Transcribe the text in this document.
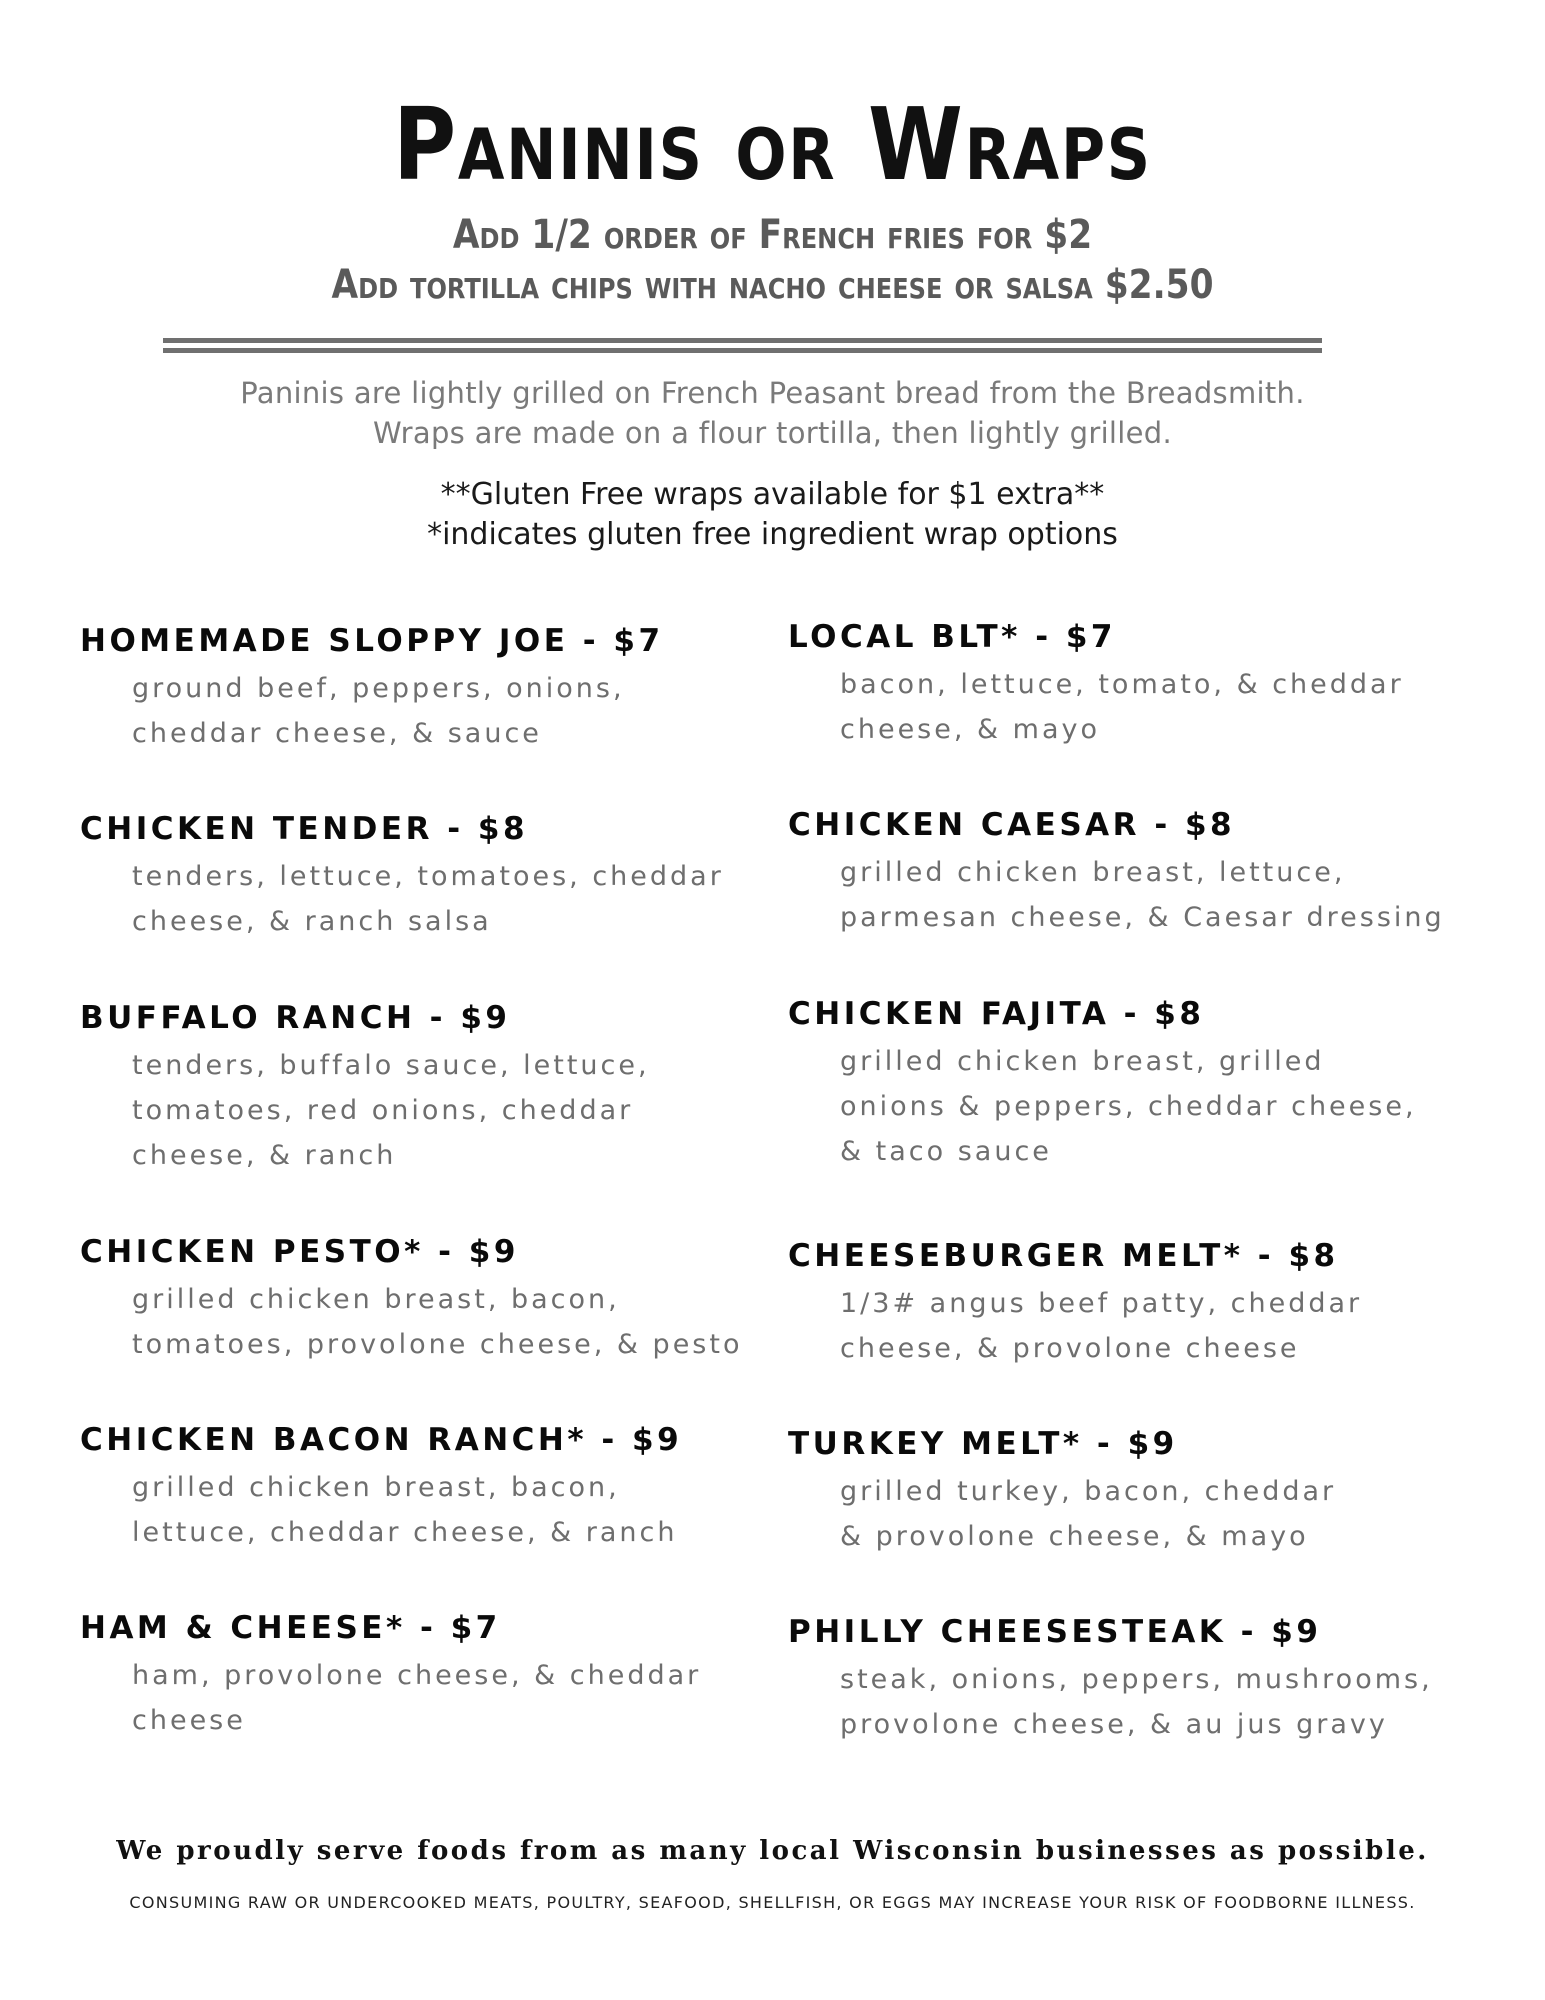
Paninis or Wraps
Add 1/2 order of French fries for $2
Add tortilla chips with nacho cheese or salsa $2.50
Paninis are lightly grilled on French Peasant bread from the Breadsmith.
Wraps are made on a flour tortilla, then lightly grilled.
**Gluten Free wraps available for $1 extra**
*indicates gluten free ingredient wrap options
HOMEMADE SLOPPY JOE - $7
ground beef, peppers, onions,
cheddar cheese, & sauce
CHICKEN TENDER - $8
tenders, lettuce, tomatoes, cheddar
cheese, & ranch salsa
BUFFALO RANCH - $9
tenders, buffalo sauce, lettuce,
tomatoes, red onions, cheddar
cheese, & ranch
CHICKEN PESTO* - $9
grilled chicken breast, bacon,
tomatoes, provolone cheese, & pesto
CHICKEN BACON RANCH* - $9
grilled chicken breast, bacon,
lettuce, cheddar cheese, & ranch
HAM & CHEESE* - $7
ham, provolone cheese, & cheddar
cheese
LOCAL BLT* - $7
bacon, lettuce, tomato, & cheddar
cheese, & mayo
CHICKEN CAESAR - $8
grilled chicken breast, lettuce,
parmesan cheese, & Caesar dressing
CHICKEN FAJITA - $8
grilled chicken breast, grilled
onions & peppers, cheddar cheese,
& taco sauce
CHEESEBURGER MELT* - $8
1/3# angus beef patty, cheddar
cheese, & provolone cheese
TURKEY MELT* - $9
grilled turkey, bacon, cheddar
& provolone cheese, & mayo
PHILLY CHEESESTEAK - $9
steak, onions, peppers, mushrooms,
provolone cheese, & au jus gravy
We proudly serve foods from as many local Wisconsin businesses as possible.
CONSUMING RAW OR UNDERCOOKED MEATS, POULTRY, SEAFOOD, SHELLFISH, OR EGGS MAY INCREASE YOUR RISK OF FOODBORNE ILLNESS.
